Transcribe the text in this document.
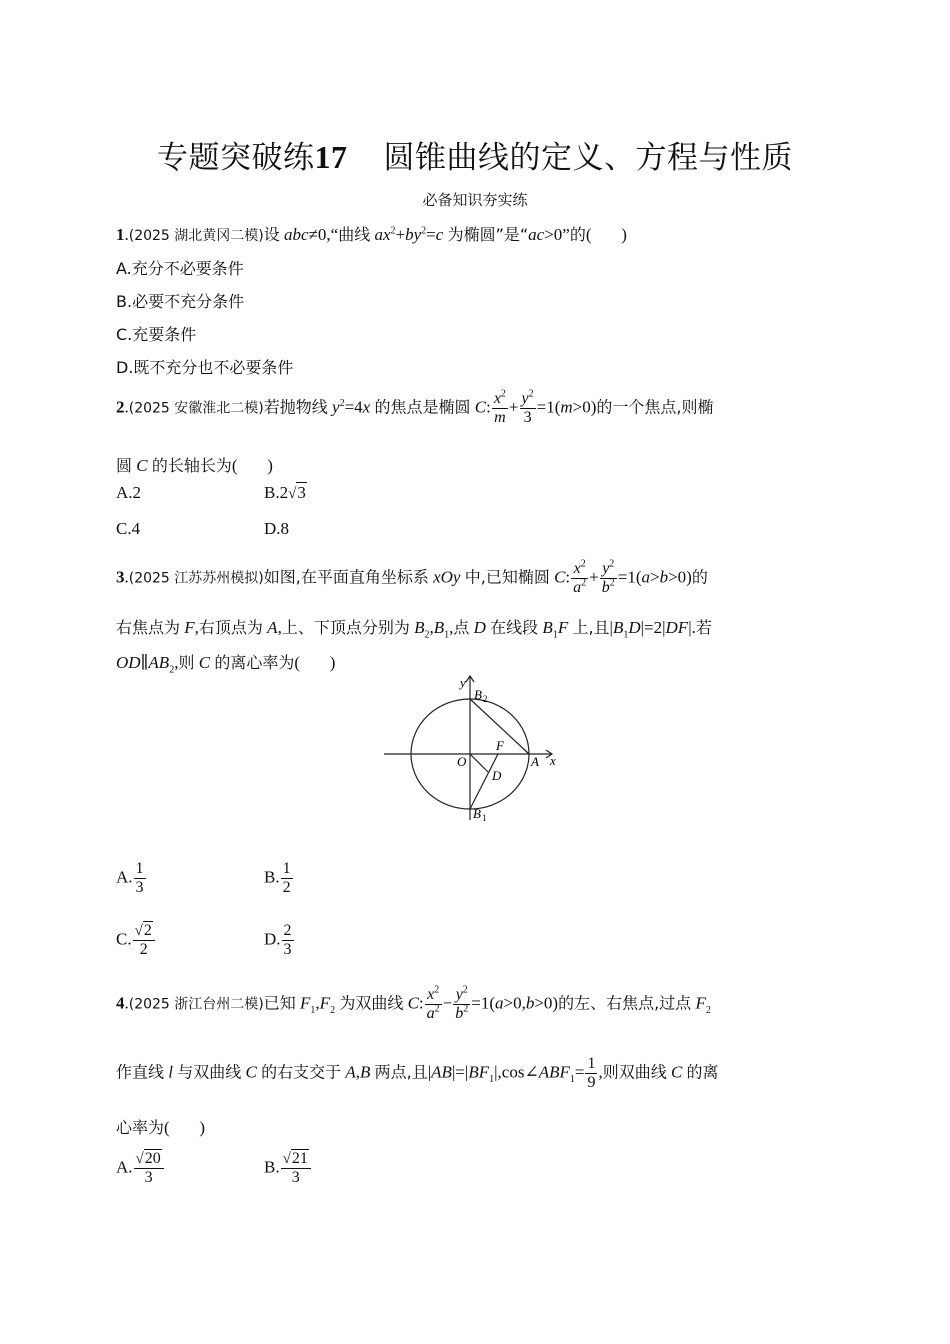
专题突破练17 圆锥曲线的定义、方程与性质
必备知识夯实练
1.(2025 湖北黄冈二模)设 abc≠0,“曲线 $ax^2+by^2=c$ 为椭圆”是“ac>0”的(       )
A.充分不必要条件
B.必要不充分条件
C.充要条件
D.既不充分也不必要条件
2.(2025 安徽淮北二模)若抛物线 $y^2=4x$ 的焦点是椭圆 C: $\frac{x^2}{m} + \frac{y^2}{3} =1(m>0)$的一个焦点,则椭
圆 C 的长轴长为(       )
A.2	B.2√3
C.4	D.8
3.(2025 江苏苏州模拟)如图,在平面直角坐标系 xOy 中,已知椭圆 C: $\frac{x^2}{a^2} + \frac{y^2}{b^2} =1(a>b>0)$的
右焦点为 F,右顶点为 A,上、下顶点分别为 $B_2,B_1$,点 D 在线段 $B_1F$ 上,且$|B_1D|=2|DF|$.若
$OD\parallel AB_2$,则 C 的离心率为(       )
y
x
O	A
F
D
B 2
B 1
A. $\frac{1}{3}$	B. $\frac{1}{2}$
C. $\frac{√2}{2}$	D. $\frac{2}{3}$
4.(2025 浙江台州二模)已知 $F_1,F_2$ 为双曲线 C: $\frac{x^2}{a^2} - \frac{y^2}{b^2} =1(a>0,b>0)$的左、右焦点,过点 $F_2$
作直线 l 与双曲线 C 的右支交于 A,B 两点,且$|AB|=|BF_1|,\cos\angle ABF_1= \frac{1}{9}$ ,则双曲线 C 的离
心率为(       )
A. $\frac{√20}{3}$	B. $\frac{√21}{3}$
